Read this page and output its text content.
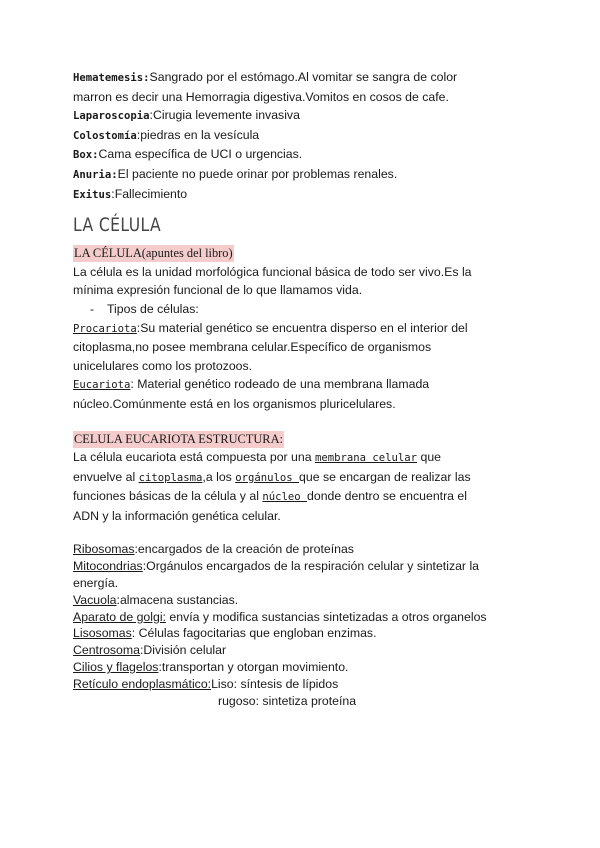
Hematemesis:Sangrado por el estómago.Al vomitar se sangra de color
marron es decir una Hemorragia digestiva.Vomitos en cosos de cafe.
Laparoscopia:Cirugia levemente invasiva
Colostomía:piedras en la vesícula
Box:Cama específica de UCI o urgencias.
Anuria:El paciente no puede orinar por problemas renales.
Exitus:Fallecimiento
LA CÉLULA
LA CÉLULA(apuntes del libro)
La célula es la unidad morfológica funcional básica de todo ser vivo.Es la
mínima expresión funcional de lo que llamamos vida.
- Tipos de células:
Procariota:Su material genético se encuentra disperso en el interior del
citoplasma,no posee membrana celular.Específico de organismos
unicelulares como los protozoos.
Eucariota: Material genético rodeado de una membrana llamada
núcleo.Comúnmente está en los organismos pluricelulares.
CELULA EUCARIOTA ESTRUCTURA:
La célula eucariota está compuesta por una membrana celular que
envuelve al citoplasma,a los orgánulos que se encargan de realizar las
funciones básicas de la célula y al núcleo donde dentro se encuentra el
ADN y la información genética celular.
Ribosomas:encargados de la creación de proteínas
Mitocondrias:Orgánulos encargados de la respiración celular y sintetizar la
energía.
Vacuola:almacena sustancias.
Aparato de golgi: envía y modifica sustancias sintetizadas a otros organelos
Lisosomas: Células fagocitarias que engloban enzimas.
Centrosoma:División celular
Cilios y flagelos:transportan y otorgan movimiento.
Retículo endoplasmático:Liso: síntesis de lípidos
rugoso: sintetiza proteína
